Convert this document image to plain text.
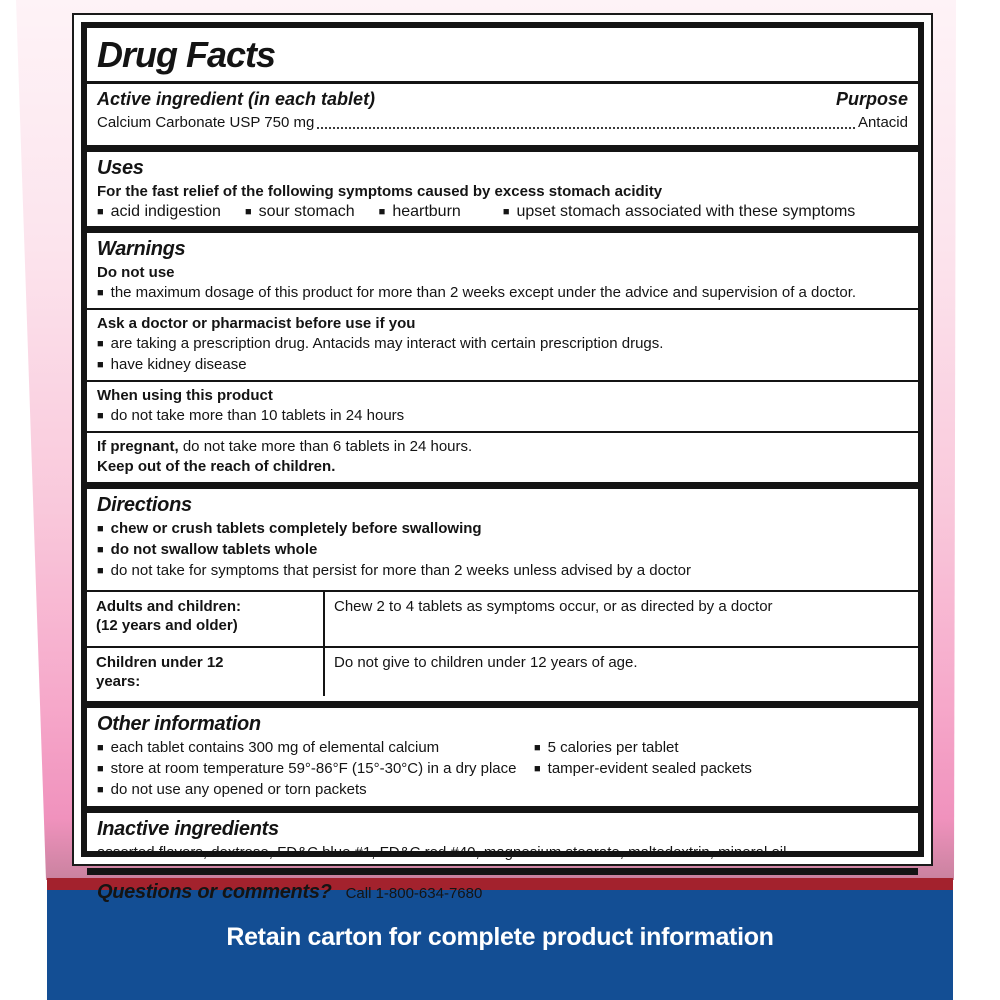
Retain carton for complete product information
Drug Facts
Active ingredient (in each tablet)	Purpose
Calcium Carbonate USP 750 mg	Antacid
Uses

For the fast relief of the following symptoms caused by excess stomach acidity

■
acid indigestion ■ sour stomach ■ heartburn ■	upset stomach associated with these symptoms
Warnings

Do not use

■
the maximum dosage of this product for more than 2 weeks except under the advice and supervision of a doctor.

Ask a doctor or pharmacist before use if you

■
are taking a prescription drug. Antacids may interact with certain prescription drugs.

■
have kidney disease

When using this product

■
do not take more than 10 tablets in 24 hours

If pregnant, do not take more than 6 tablets in 24 hours.

Keep out of the reach of children.

Directions

■
chew or crush tablets completely before swallowing

■
do not swallow tablets whole

■
do not take for symptoms that persist for more than 2 weeks unless advised by a doctor

Adults and children:
(12 years and older)	Chew 2 to 4 tablets as symptoms occur, or as directed by a doctor

Children under 12
years:	Do not give to children under 12 years of age.
Other information

■
each tablet contains 300 mg of elemental calcium ■	5 calories per tablet

■
store at room temperature 59°-86°F (15°-30°C) in a dry place ■ tamper-evident sealed packets

■
do not use any opened or torn packets

Inactive ingredients

assorted flavors, dextrose, FD&C blue #1, FD&C red #40, magnesium stearate, maltodextrin, mineral oil

Questions or comments? Call 1-800-634-7680
